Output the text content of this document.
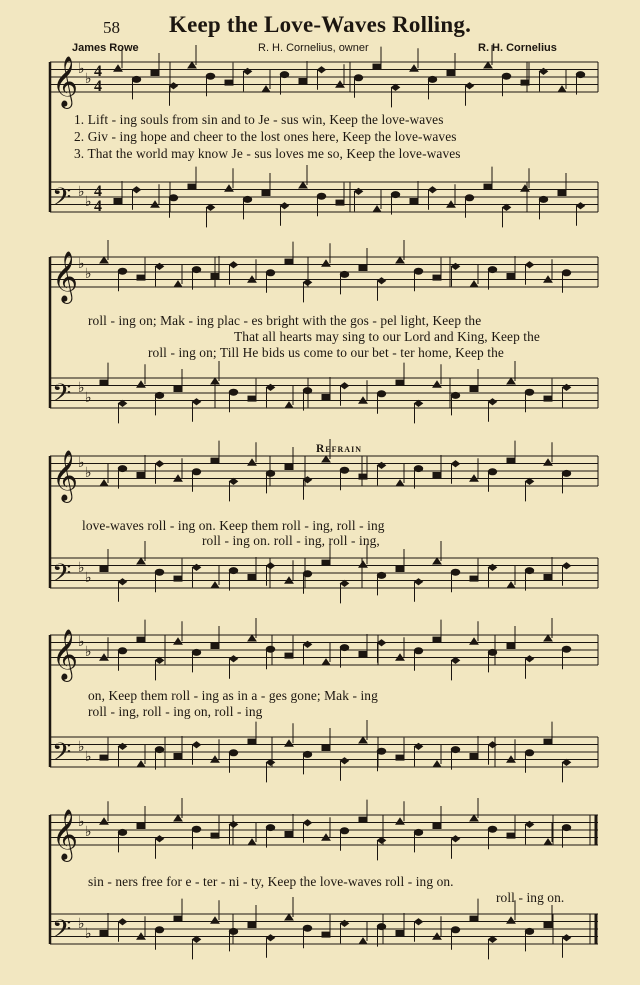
𝄞
𝄢
𝄞
𝄢
𝄞
𝄢
𝄞
𝄢
𝄞
𝄢
♭
♭
♭
♭
♭
♭
♭
♭
♭
♭
♭
♭
♭
♭
♭
♭
♭
♭
♭
♭
4
4
4
4
58	Keep the Love-Waves Rolling.
James Rowe	R. H. Cornelius, owner	R. H. Cornelius
1. Lift - ing souls from sin and to Je - sus win, Keep the love-waves
2. Giv - ing hope and cheer to the lost ones here, Keep the love-waves
3. That the world may know Je - sus loves me so, Keep the love-waves
roll - ing on; Mak - ing plac - es bright with the gos - pel light, Keep the
That all hearts may sing to our Lord and King, Keep the
roll - ing on; Till He bids us come to our bet - ter home, Keep the
Refrain
love-waves roll - ing on. Keep them roll - ing, roll - ing
roll - ing on. roll - ing, roll - ing,
on, Keep them roll - ing as in a - ges gone; Mak - ing
roll - ing, roll - ing on, roll - ing
sin - ners free for e - ter - ni - ty, Keep the love-waves roll - ing on.
roll - ing on.
